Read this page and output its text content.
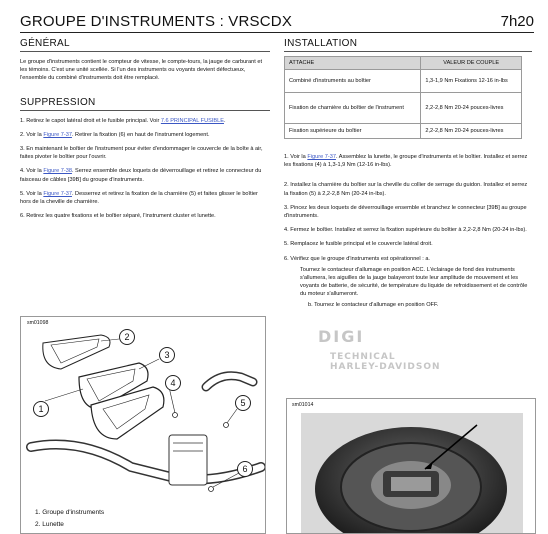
GROUPE D'INSTRUMENTS : VRSCDX	7h20
GÉNÉRAL

Le groupe d'instruments contient le compteur de vitesse, le compte-tours, la jauge de carburant et les témoins. C'est une unité scellée. Si l'un des instruments ou voyants devient défectueux, l'ensemble du combiné d'instruments doit être remplacé.

SUPPRESSION
1. Retirez le capot latéral droit et le fusible principal. Voir 7.6 PRINCIPAL FUSIBLE.
2. Voir la Figure 7-37. Retirer la fixation (6) en haut de l'instrument logement.
3. En maintenant le boîtier de l'instrument pour éviter d'endommager le couvercle de la boîte à air, faites pivoter le boîtier pour l'ouvrir.
4. Voir la Figure 7-38. Serrez ensemble deux loquets de déverrouillage et retirez le connecteur du faisceau de câbles [39B] du groupe d'instruments.
5. Voir la Figure 7-37. Desserrez et retirez la fixation de la charnière (5) et faites glisser le boîtier hors de la cheville de charnière.
6. Retirez les quatre fixations et le boîtier séparé, l'instrument cluster et lunette.
sm01098
1
2
3
4
5
6
1. Groupe d'instruments
2. Lunette
INSTALLATION
ATTACHE	VALEUR DE COUPLE
Combiné d'instruments au boîtier	1,3-1,9 Nm Fixations 12-16 in-lbs
Fixation de charnière du boîtier de l'instrument	2,2-2,8 Nm 20-24 pouces-livres
Fixation supérieure du boîtier	2,2-2,8 Nm 20-24 pouces-livres
1. Voir la Figure 7-37. Assemblez la lunette, le groupe d'instruments et le boîtier. Installez et serrez les fixations (4) à 1,3-1,9 Nm (12-16 in-lbs).
2. Installez la charnière du boîtier sur la cheville du collier de serrage du guidon. Installez et serrez la fixation (5) à 2,2-2,8 Nm (20-24 in-lbs).
3. Pincez les deux loquets de déverrouillage ensemble et branchez le connecteur [39B] au groupe d'instruments.
4. Fermez le boîtier. Installez et serrez la fixation supérieure du boîtier à 2,2-2,8 Nm (20-24 in-lbs).
5. Remplacez le fusible principal et le couvercle latéral droit.
6. Vérifiez que le groupe d'instruments est opérationnel : a.
Tournez le contacteur d'allumage en position ACC. L'éclairage de fond des instruments s'allumera, les aiguilles de la jauge balayeront toute leur amplitude de mouvement et les voyants de batterie, de sécurité, de température du liquide de refroidissement et de contrôle du moteur s'allumeront.
b. Tournez le contacteur d'allumage en position OFF.
DIGI
TECHNICAL
HARLEY-DAVIDSON
sm01014
